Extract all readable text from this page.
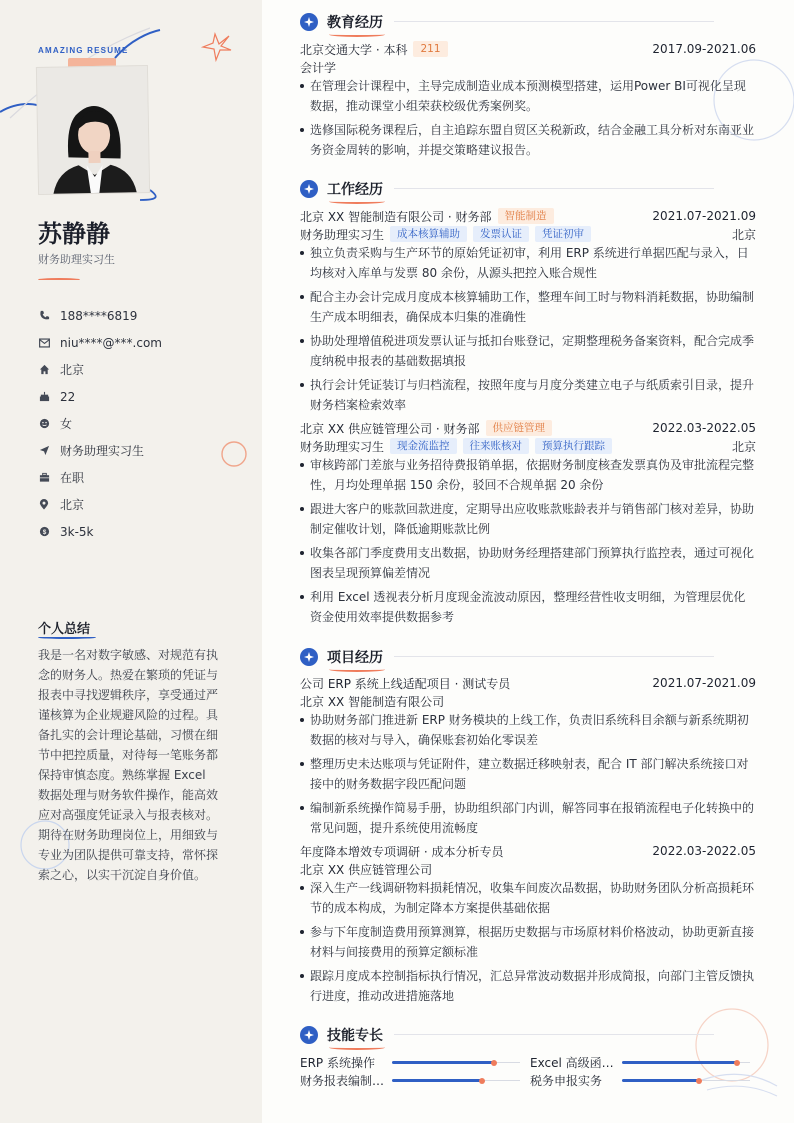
AMAZING RESUME
苏静静
财务助理实习生
188****6819
niu****@***.com
北京
22
女
财务助理实习生
在职
北京
$ 3k-5k
个人总结
我是一名对数字敏感、对规范有执念的财务人。热爱在繁琐的凭证与报表中寻找逻辑秩序，享受通过严谨核算为企业规避风险的过程。具备扎实的会计理论基础，习惯在细节中把控质量，对待每一笔账务都保持审慎态度。熟练掌握 Excel 数据处理与财务软件操作，能高效应对高强度凭证录入与报表核对。期待在财务助理岗位上，用细致与专业为团队提供可靠支持，常怀探索之心，以实干沉淀自身价值。
教育经历
北京交通大学 · 本科	211	2017.09-2021.06
会计学
在管理会计课程中，主导完成制造业成本预测模型搭建，运用Power BI可视化呈现数据，推动课堂小组荣获校级优秀案例奖。
选修国际税务课程后，自主追踪东盟自贸区关税新政，结合金融工具分析对东南亚业务资金周转的影响，并提交策略建议报告。
工作经历
北京 XX 智能制造有限公司 · 财务部	智能制造	2021.07-2021.09
财务助理实习生	成本核算辅助	发票认证	凭证初审	北京
独立负责采购与生产环节的原始凭证初审，利用 ERP 系统进行单据匹配与录入，日均核对入库单与发票 80 余份，从源头把控入账合规性
配合主办会计完成月度成本核算辅助工作，整理车间工时与物料消耗数据，协助编制生产成本明细表，确保成本归集的准确性
协助处理增值税进项发票认证与抵扣台账登记，定期整理税务备案资料，配合完成季度纳税申报表的基础数据填报
执行会计凭证装订与归档流程，按照年度与月度分类建立电子与纸质索引目录，提升财务档案检索效率
北京 XX 供应链管理公司 · 财务部	供应链管理	2022.03-2022.05
财务助理实习生	现金流监控	往来账核对	预算执行跟踪	北京
审核跨部门差旅与业务招待费报销单据，依据财务制度核查发票真伪及审批流程完整性，月均处理单据 150 余份，驳回不合规单据 20 余份
跟进大客户的账款回款进度，定期导出应收账款账龄表并与销售部门核对差异，协助制定催收计划，降低逾期账款比例
收集各部门季度费用支出数据，协助财务经理搭建部门预算执行监控表，通过可视化图表呈现预算偏差情况
利用 Excel 透视表分析月度现金流波动原因，整理经营性收支明细，为管理层优化资金使用效率提供数据参考
项目经历
公司 ERP 系统上线适配项目 · 测试专员	2021.07-2021.09
北京 XX 智能制造有限公司
协助财务部门推进新 ERP 财务模块的上线工作，负责旧系统科目余额与新系统期初数据的核对与导入，确保账套初始化零误差
整理历史未达账项与凭证附件，建立数据迁移映射表，配合 IT 部门解决系统接口对接中的财务数据字段匹配问题
编制新系统操作简易手册，协助组织部门内训，解答同事在报销流程电子化转换中的常见问题，提升系统使用流畅度
年度降本增效专项调研 · 成本分析专员	2022.03-2022.05
北京 XX 供应链管理公司
深入生产一线调研物料损耗情况，收集车间废次品数据，协助财务团队分析高损耗环节的成本构成，为制定降本方案提供基础依据
参与下年度制造费用预算测算，根据历史数据与市场原材料价格波动，协助更新直接材料与间接费用的预算定额标准
跟踪月度成本控制指标执行情况，汇总异常波动数据并形成简报，向部门主管反馈执行进度，推动改进措施落地
技能专长
ERP 系统操作	Excel 高级函…
财务报表编制…	税务申报实务
